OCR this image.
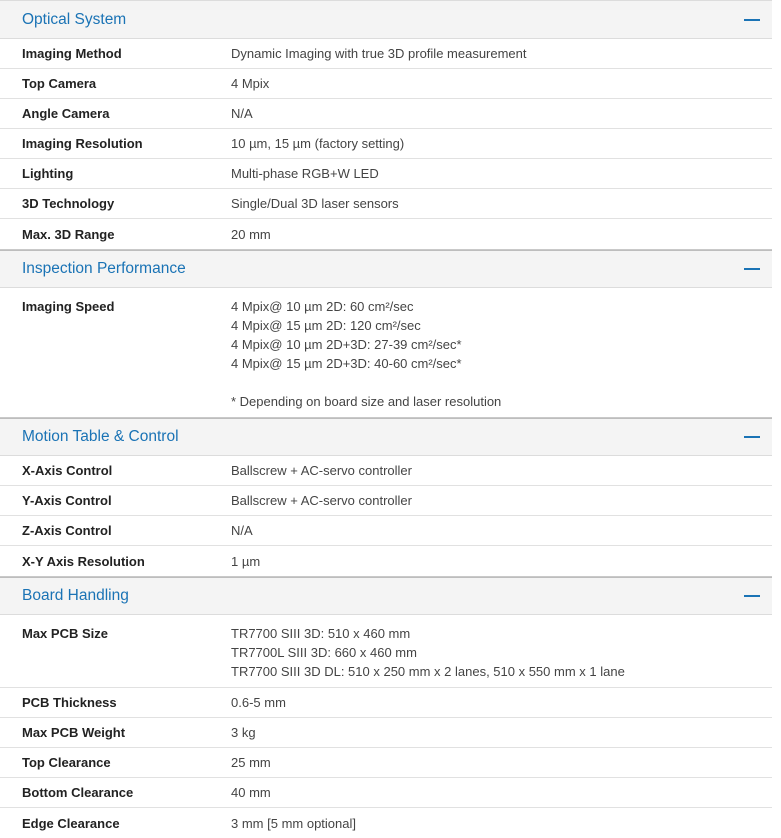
Optical System
Imaging Method	Dynamic Imaging with true 3D profile measurement
Top Camera	4 Mpix
Angle Camera	N/A
Imaging Resolution	10 µm, 15 µm (factory setting)
Lighting	Multi-phase RGB+W LED
3D Technology	Single/Dual 3D laser sensors
Max. 3D Range	20 mm
Inspection Performance
Imaging Speed	4 Mpix@ 10 µm 2D: 60 cm²/sec
4 Mpix@ 15 µm 2D: 120 cm²/sec
4 Mpix@ 10 µm 2D+3D: 27-39 cm²/sec*
4 Mpix@ 15 µm 2D+3D: 40-60 cm²/sec*
* Depending on board size and laser resolution
Motion Table & Control
X-Axis Control	Ballscrew + AC-servo controller
Y-Axis Control	Ballscrew + AC-servo controller
Z-Axis Control	N/A
X-Y Axis Resolution	1 µm
Board Handling
Max PCB Size	TR7700 SIII 3D: 510 x 460 mm
TR7700L SIII 3D: 660 x 460 mm
TR7700 SIII 3D DL: 510 x 250 mm x 2 lanes, 510 x 550 mm x 1 lane
PCB Thickness	0.6-5 mm
Max PCB Weight	3 kg
Top Clearance	25 mm
Bottom Clearance	40 mm
Edge Clearance	3 mm [5 mm optional]
